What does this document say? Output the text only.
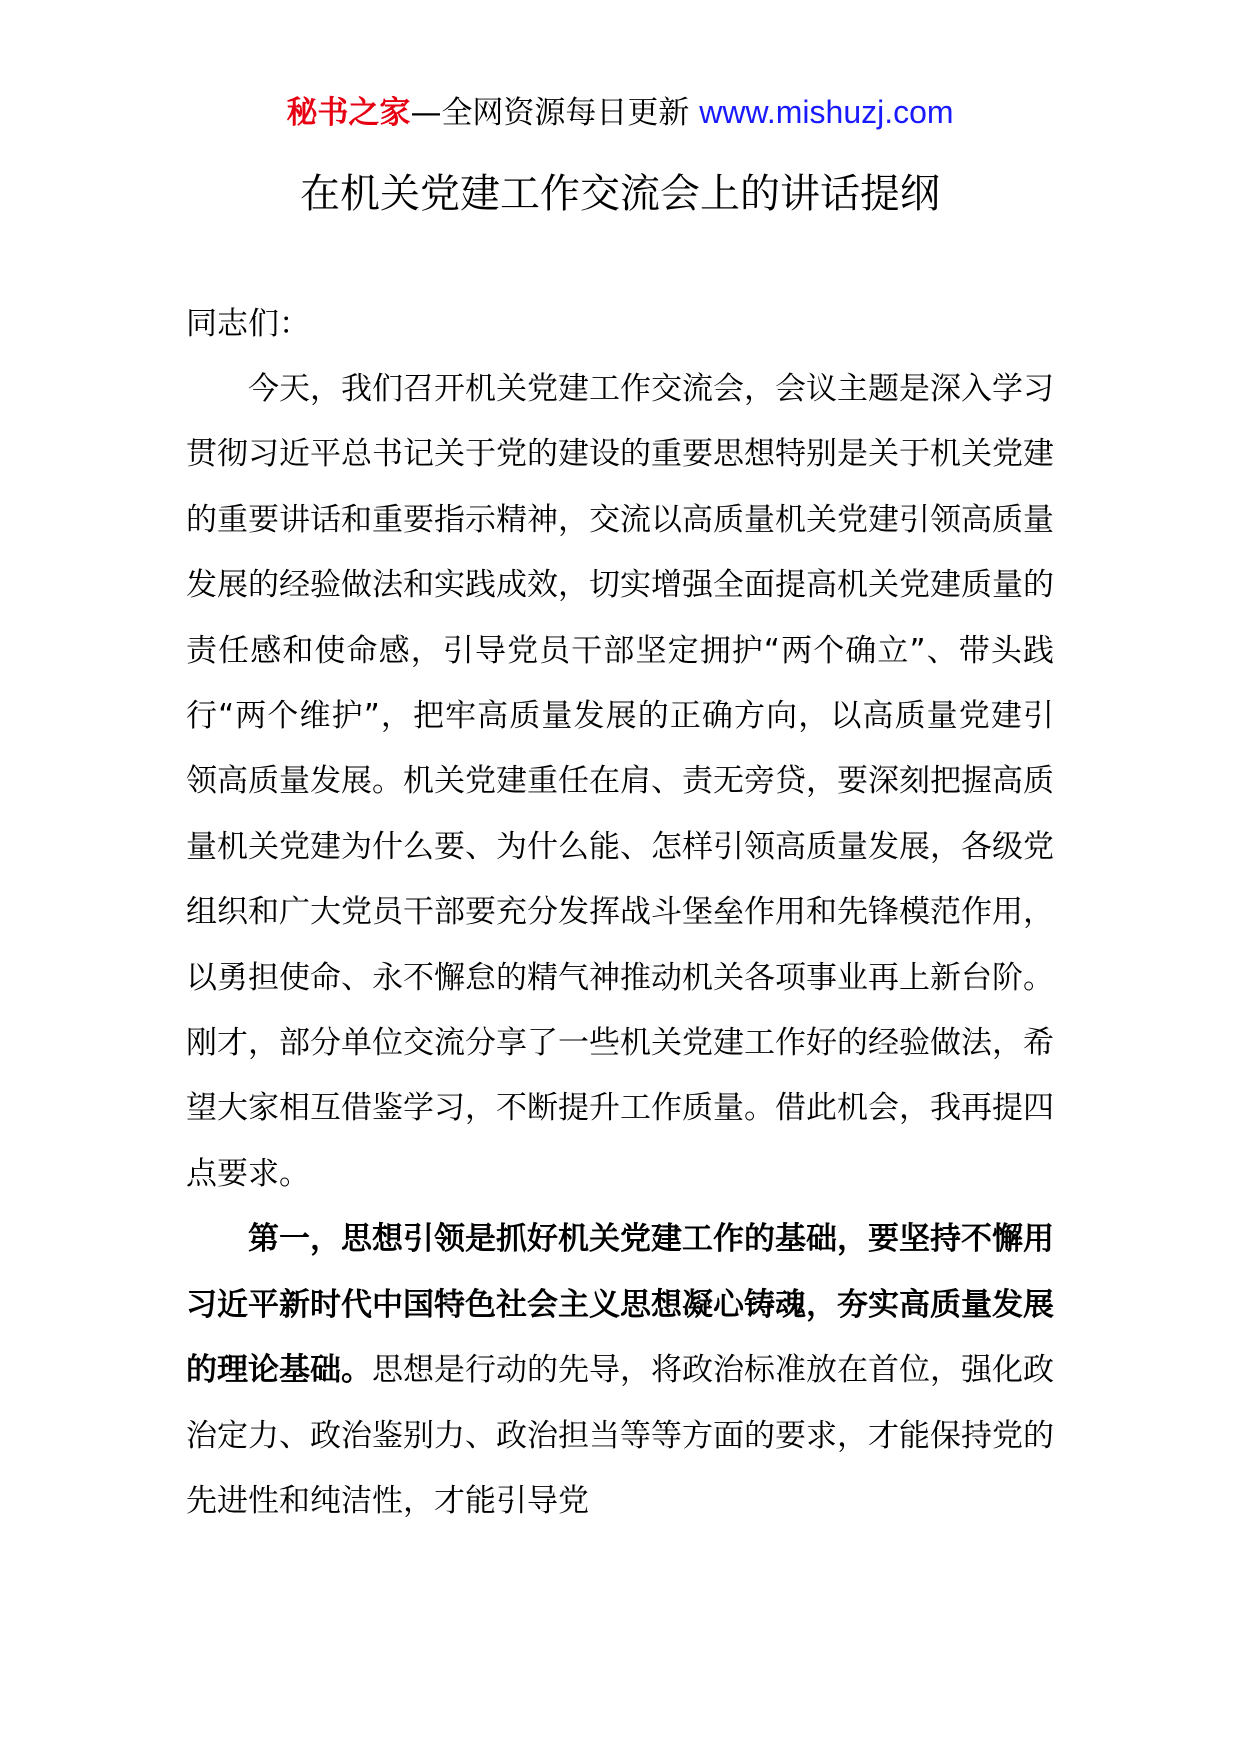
秘书之家—全网资源每日更新 www.mishuzj.com
在机关党建工作交流会上的讲话提纲

同志们：

今天，我们召开机关党建工作交流会，会议主题是深入学习贯彻习近平总书记关于党的建设的重要思想特别是关于机关党建的重要讲话和重要指示精神，交流以高质量机关党建引领高质量发展的经验做法和实践成效，切实增强全面提高机关党建质量的责任感和使命感，引导党员干部坚定拥护“两个确立”、带头践行“两个维护”，把牢高质量发展的正确方向，以高质量党建引领高质量发展。机关党建重任在肩、责无旁贷，要深刻把握高质量机关党建为什么要、为什么能、怎样引领高质量发展，各级党组织和广大党员干部要充分发挥战斗堡垒作用和先锋模范作用，以勇担使命、永不懈怠的精气神推动机关各项事业再上新台阶。刚才，部分单位交流分享了一些机关党建工作好的经验做法，希望大家相互借鉴学习，不断提升工作质量。借此机会，我再提四点要求。

第一，思想引领是抓好机关党建工作的基础，要坚持不懈用习近平新时代中国特色社会主义思想凝心铸魂，夯实高质量发展的理论基础。思想是行动的先导，将政治标准放在首位，强化政治定力、政治鉴别力、政治担当等等方面的要求，才能保持党的先进性和纯洁性，才能引导党
